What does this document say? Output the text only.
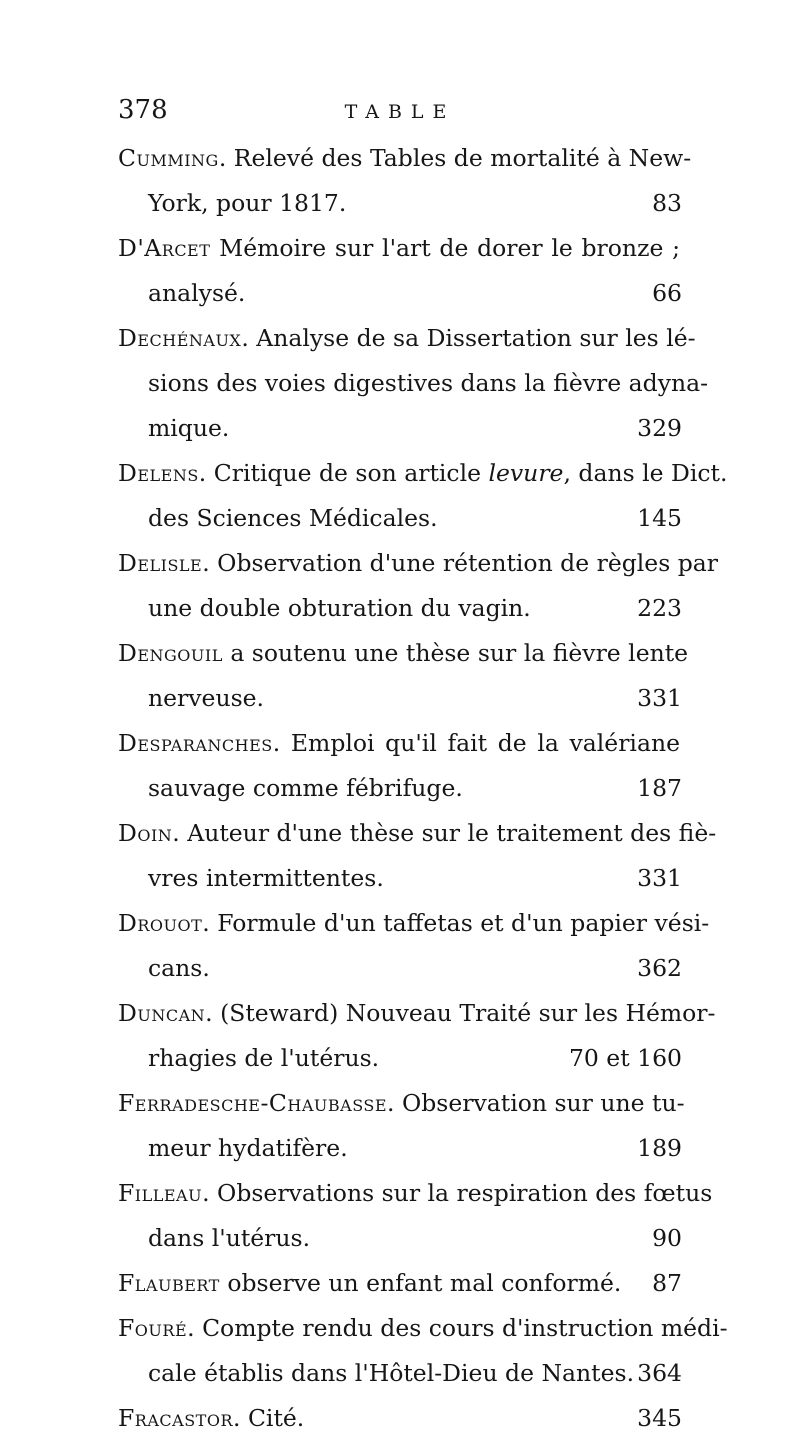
378	TABLE
Cumming. Relevé des Tables de mortalité à New-
York, pour 1817.	83
D'Arcet Mémoire sur l'art de dorer le bronze ;
analysé.	66
Dechénaux. Analyse de sa Dissertation sur les lé-
sions des voies digestives dans la fièvre adyna-
mique.	329
Delens. Critique de son article levure, dans le Dict.
des Sciences Médicales.	145
Delisle. Observation d'une rétention de règles par
une double obturation du vagin.	223
Dengouil a soutenu une thèse sur la fièvre lente
nerveuse.	331
Desparanches. Emploi qu'il fait de la valériane
sauvage comme fébrifuge.	187
Doin. Auteur d'une thèse sur le traitement des fiè-
vres intermittentes.	331
Drouot. Formule d'un taffetas et d'un papier vési-
cans.	362
Duncan. (Steward) Nouveau Traité sur les Hémor-
rhagies de l'utérus.	70 et 160
Ferradesche-Chaubasse. Observation sur une tu-
meur hydatifère.	189
Filleau. Observations sur la respiration des fœtus
dans l'utérus.	90
Flaubert observe un enfant mal conformé. 87
Fouré. Compte rendu des cours d'instruction médi-
cale établis dans l'Hôtel-Dieu de Nantes. 364
Fracastor. Cité.	345
